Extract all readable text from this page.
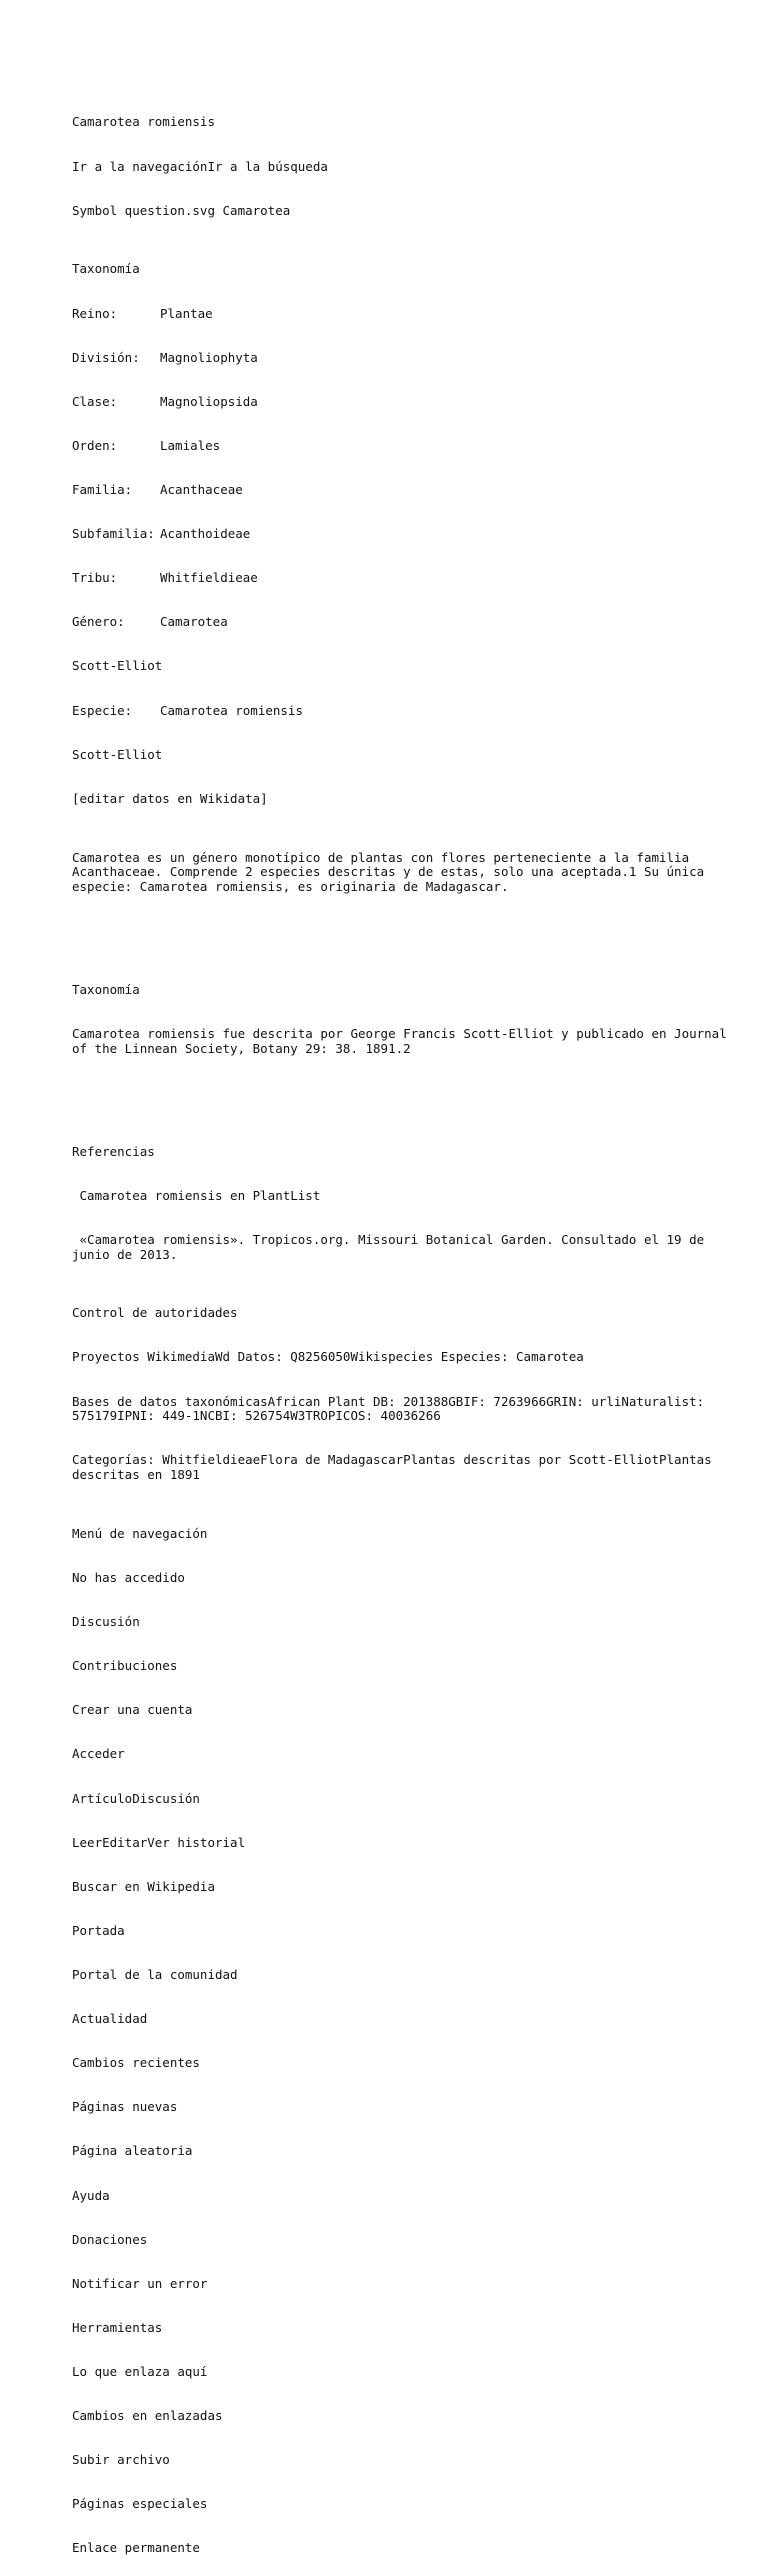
Camarotea romiensis

Ir a la navegaciónIr a la búsqueda

Symbol question.svg Camarotea

Taxonomía

Reino:	Plantae

División: Magnoliophyta

Clase:	Magnoliopsida

Orden:	Lamiales

Familia: Acanthaceae

Subfamilia: Acanthoideae

Tribu:	Whitfieldieae

Género:	Camarotea

Scott-Elliot

Especie: Camarotea romiensis

Scott-Elliot

[editar datos en Wikidata]

Camarotea es un género monotípico de plantas con flores perteneciente a la familia Acanthaceae. Comprende 2 especies descritas y de estas, solo una aceptada.1 Su única especie: Camarotea romiensis, es originaria de Madagascar.

Taxonomía

Camarotea romiensis fue descrita por George Francis Scott-Elliot y publicado en Journal of the Linnean Society, Botany 29: 38. 1891.2

Referencias

Camarotea romiensis en PlantList

«Camarotea romiensis». Tropicos.org. Missouri Botanical Garden. Consultado el 19 de junio de 2013.

Control de autoridades

Proyectos WikimediaWd Datos: Q8256050Wikispecies Especies: Camarotea

Bases de datos taxonómicasAfrican Plant DB: 201388GBIF: 7263966GRIN: urliNaturalist: 575179IPNI: 449-1NCBI: 526754W3TROPICOS: 40036266

Categorías: WhitfieldieaeFlora de MadagascarPlantas descritas por Scott-ElliotPlantas descritas en 1891

Menú de navegación

No has accedido

Discusión

Contribuciones

Crear una cuenta

Acceder

ArtículoDiscusión

LeerEditarVer historial

Buscar en Wikipedia

Portada

Portal de la comunidad

Actualidad

Cambios recientes

Páginas nuevas

Página aleatoria

Ayuda

Donaciones

Notificar un error

Herramientas

Lo que enlaza aquí

Cambios en enlazadas

Subir archivo

Páginas especiales

Enlace permanente
